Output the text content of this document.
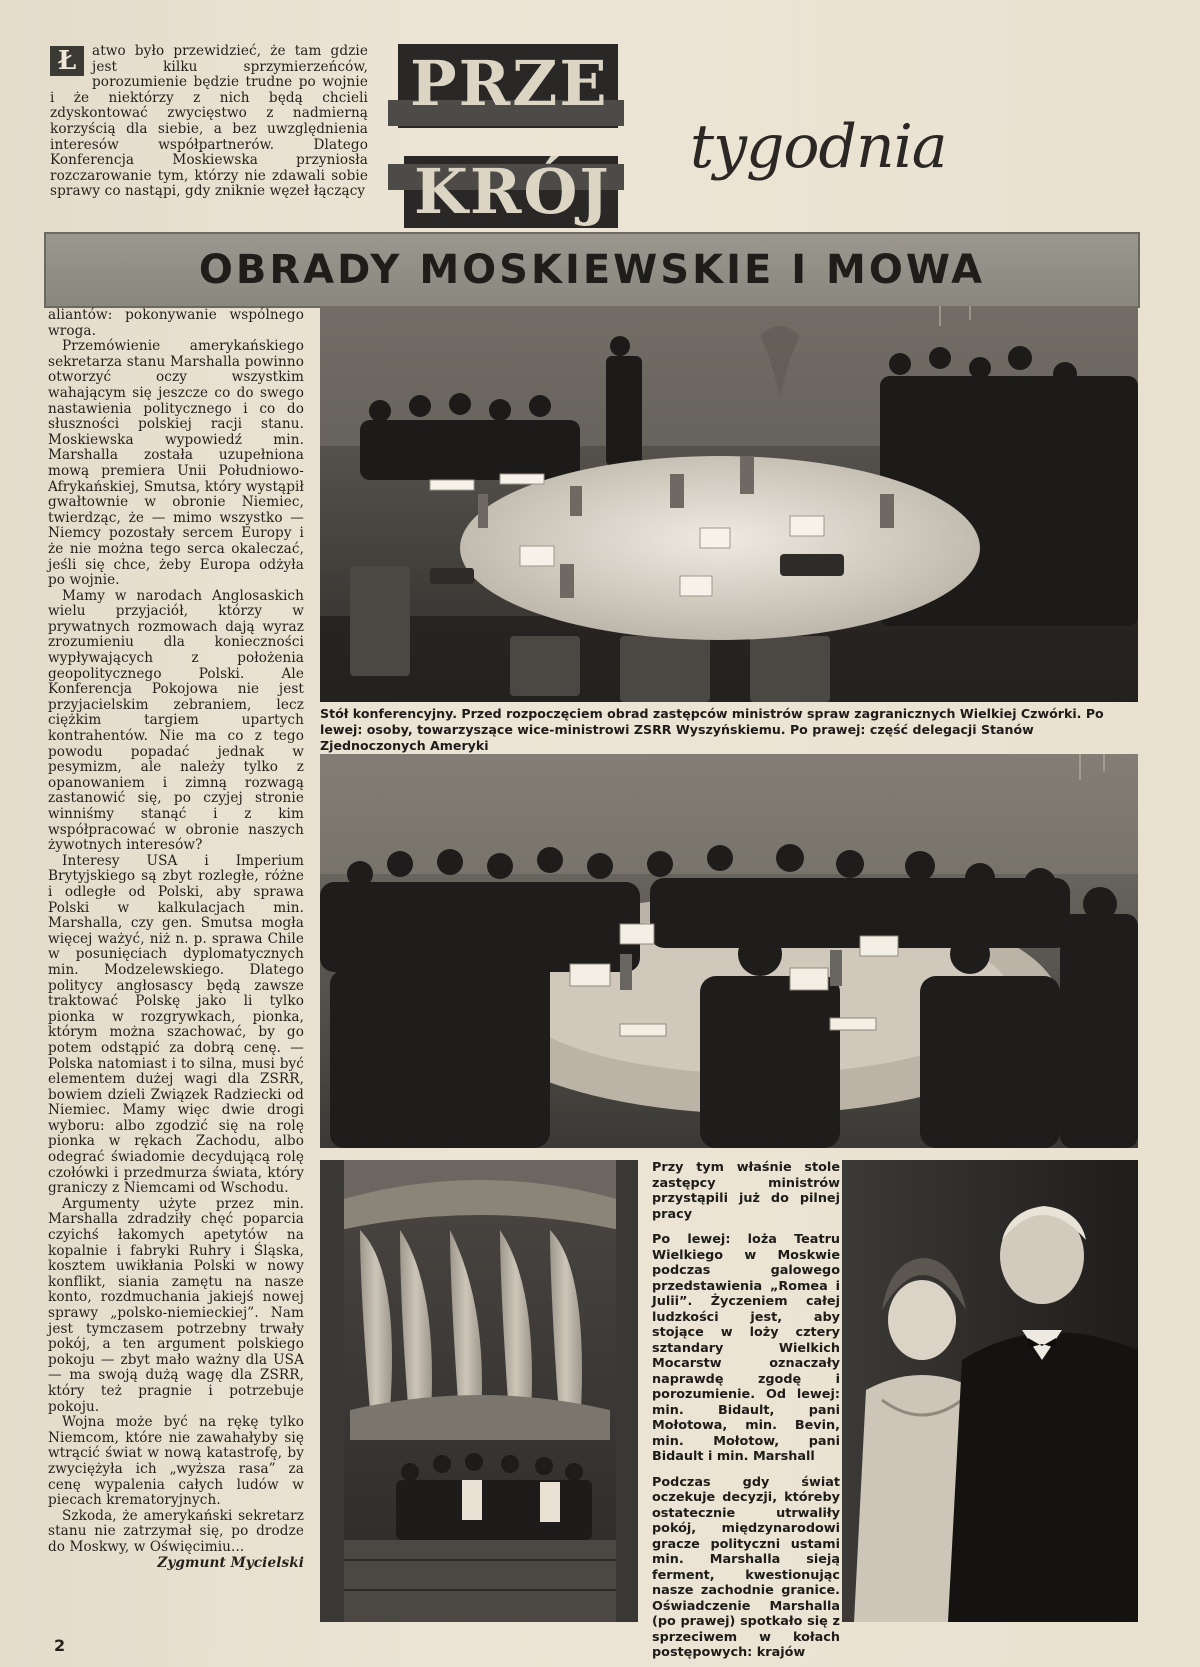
PRZE
KRÓJ
tygodnia
Ł	atwo było przewidzieć, że tam gdzie jest kilku sprzymierzeńców, porozumienie będzie trudne po wojnie i że niektórzy z nich będą chcieli zdyskontować zwycięstwo z nadmierną korzyścią dla siebie, a bez uwzględnienia interesów współpartnerów. Dlatego Konferencja Moskiewska przyniosła rozczarowanie tym, którzy nie zdawali sobie sprawy co nastąpi, gdy zniknie węzeł łączący

OBRADY MOSKIEWSKIE I MOWA

aliantów: pokonywanie wspólnego wroga.

Przemówienie amerykańskiego sekretarza stanu Marshalla powinno otworzyć oczy wszystkim wahającym się jeszcze co do swego nastawienia politycznego i co do słuszności polskiej racji stanu. Moskiewska wypowiedź min. Marshalla została uzupełniona mową premiera Unii Południowo-Afrykańskiej, Smutsa, który wystąpił gwałtownie w obronie Niemiec, twierdząc, że — mimo wszystko — Niemcy pozostały sercem Europy i że nie można tego serca okaleczać, jeśli się chce, żeby Europa odżyła po wojnie.

Mamy w narodach Anglosaskich wielu przyjaciół, którzy w prywatnych rozmowach dają wyraz zrozumieniu dla konieczności wypływających z położenia geopolitycznego Polski. Ale Konferencja Pokojowa nie jest przyjacielskim zebraniem, lecz ciężkim targiem upartych kontrahentów. Nie ma co z tego powodu popadać jednak w pesymizm, ale należy tylko z opanowaniem i zimną rozwagą zastanowić się, po czyjej stronie winniśmy stanąć i z kim współpracować w obronie naszych żywotnych interesów?

Interesy USA i Imperium Brytyjskiego są zbyt rozległe, różne i odległe od Polski, aby sprawa Polski w kalkulacjach min. Marshalla, czy gen. Smutsa mogła więcej ważyć, niż n. p. sprawa Chile w posunięciach dyplomatycznych min. Modzelewskiego. Dlatego politycy angłosascy będą zawsze traktować Polskę jako li tylko pionka w rozgrywkach, pionka, którym można szachować, by go potem odstąpić za dobrą cenę. — Polska natomiast i to silna, musi być elementem dużej wagi dla ZSRR, bowiem dzieli Związek Radziecki od Niemiec. Mamy więc dwie drogi wyboru: albo zgodzić się na rolę pionka w rękach Zachodu, albo odegrać świadomie decydującą rolę czołówki i przedmurza świata, który graniczy z Niemcami od Wschodu.

Argumenty użyte przez min. Marshalla zdradziły chęć poparcia czyichś łakomych apetytów na kopalnie i fabryki Ruhry i Śląska, kosztem uwikłania Polski w nowy konflikt, siania zamętu na nasze konto, rozdmuchania jakiejś nowej sprawy „polsko-niemieckiej”. Nam jest tymczasem potrzebny trwały pokój, a ten argument polskiego pokoju — zbyt mało ważny dla USA — ma swoją dużą wagę dla ZSRR, który też pragnie i potrzebuje pokoju.

Wojna może być na rękę tylko Niemcom, które nie zawahałyby się wtrącić świat w nową katastrofę, by zwyciężyła ich „wyższa rasa” za cenę wypalenia całych ludów w piecach krematoryjnych.

Szkoda, że amerykański sekretarz stanu nie zatrzymał się, po drodze do Moskwy, w Oświęcimiu...

Zygmunt Mycielski

Stół konferencyjny. Przed rozpoczęciem obrad zastępców ministrów spraw zagranicznych Wielkiej Czwórki. Po lewej: osoby, towarzyszące wice-ministrowi ZSRR Wyszyńskiemu. Po prawej: część delegacji Stanów Zjednoczonych Ameryki

Przy tym właśnie stole zastępcy ministrów przystąpili już do pilnej pracy

Po lewej: loża Teatru Wielkiego w Moskwie podczas galowego przedstawienia „Romea i Julii”. Życzeniem całej ludzkości jest, aby stojące w loży cztery sztandary Wielkich Mocarstw oznaczały naprawdę zgodę i porozumienie. Od lewej: min. Bidault, pani Mołotowa, min. Bevin, min. Mołotow, pani Bidault i min. Marshall

Podczas gdy świat oczekuje decyzji, któreby ostatecznie utrwaliły pokój, międzynarodowi gracze polityczni ustami min. Marshalla sieją ferment, kwestionując nasze zachodnie granice. Oświadczenie Marshalla (po prawej) spotkało się z sprzeciwem w kołach postępowych: krajów

2
